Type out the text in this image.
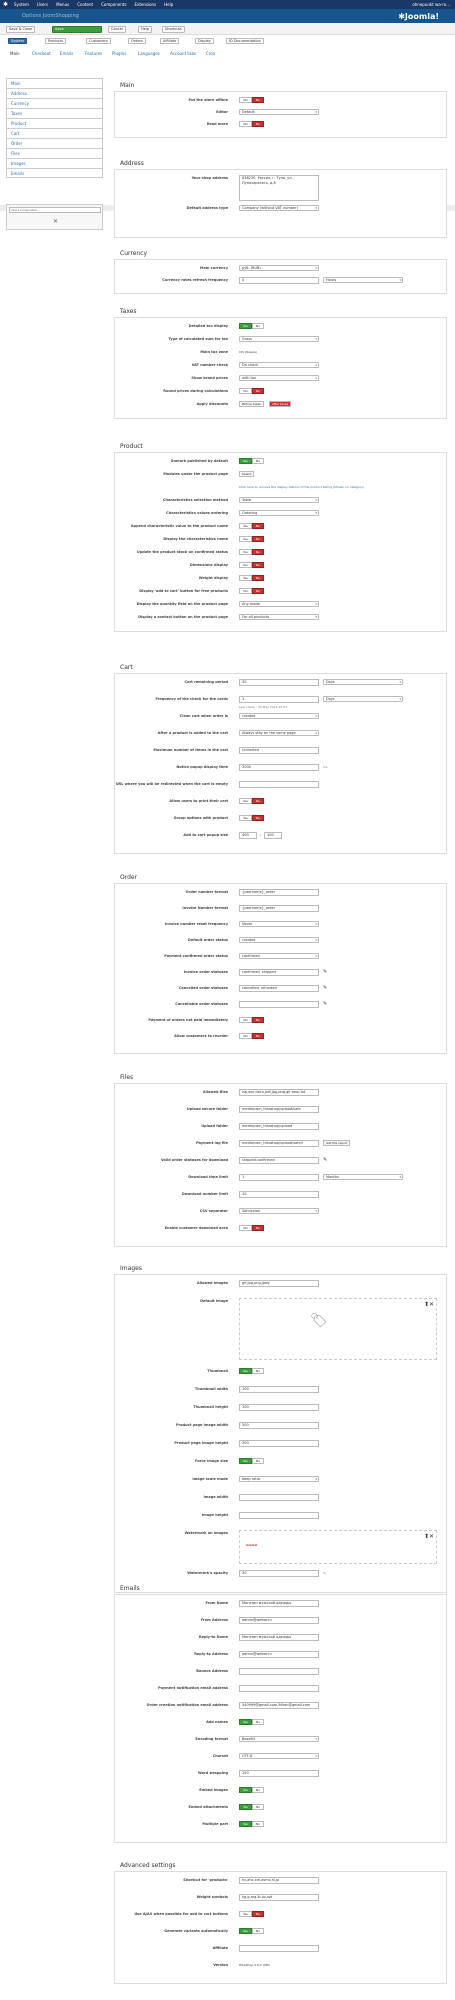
✱	System Users Menus Content Components Extensions Help	ohnepunkt wa-ro...
Options JoomShopping	✱ Joomla!
Save & Close	Save	Cancel	Help	Shortcuts
System	Products	Customers	Orders	Affiliate	Display	ID Documentation
Main	Checkout Emails	Features Plugins	Languages	Account tabs Cron
Main
Address
Currency
Taxes
Product
Cart
Order
Files
Images
Emails
Find a configuration
✕
Main
Put the store offline	Yes	No
Editor	Default ▾
Read more	Yes	No
Address
Your shop address	838230, Россия, г. Тула, ул. Луначарского, д.8
Default address type	Company (without VAT number) ▾
Currency
Main currency	руб. (RUB) ▾
Currency rates refresh frequency	0	Hours ▾
Taxes
Detailed tax display	Yes	No
Type of calculated sum for tax	Gross ▾
Main tax zone	CIS (Russia)
VAT number check	Do check ▾
Show brand prices	with tax ▾
Round prices during calculations	Yes	No
Apply discounts	Before taxes	After taxes
Product
Unmark published by default	Yes	No
Modules under the product page	Select
Click here to remove the display options of the product listing (Shown on category)
Characteristics selection method	Table ▾
Characteristics values ordering	Ordering ▾
Append characteristic value to the product name	Yes	No
Display the characteristics name	Yes	No
Update the product stock on confirmed status	Yes	No
Dimensions display	Yes	No
Weight display	Yes	No
Display 'add to cart' button for free products	Yes	No
Display the quantity field on the product page	Any mode ▾
Display a contact button on the product page	For all products ▾
Cart
Cart remaining period	30	Days ▾
Frequency of the check for the cards	1	Days ▾
Last check - 30 May 2014 15:51
Clean cart when order is	created ▾
After a product is added to the cart	Always stay on the same page ▾
Maximum number of items in the cart	Unlimited
Notice popup display time	3000	ms
URL where you will be redirected when the cart is empty
Allow users to print their cart	Yes	No
Group options with product	Yes	No
Add to cart popup size	400	×	100
Order
Order number format	{username}_order
Invoice Number format	{username}_order
Invoice number reset frequency	Never ▾
Default order status	created ▾
Payment confirmed order status	confirmed ▾
Invoice order statuses	confirmed, shipped	✎
Cancelled order statuses	cancelled, refunded	✎
Cancellable order statuses	✎
Payment of orders not paid immediately	Yes	No
Allow customers to reorder	Yes	No
Files
Allowed files	zip,doc,docx,pdf,jpg,png,gif,bmp,txt
Upload secure folder	media/com_hikashop/upload/safe
Upload folder	media/com_hikashop/upload
Payment log file	media/com_hikashop/upload/safe/l	Get the report
Valid order statuses for download	shipped,confirmed	✎
Download time limit	1	Months ▾
Download number limit	10
CSV separator	Semicolon ▾
Enable customer download area	Yes	No
Images
Allowed images	gif,jpg,png,jpeg
Default image
🏷
⬆✕
Thumbnail	Yes	No
Thumbnail width	100
Thumbnail height	100
Product page image width	300
Product page image height	300
Force image size	Yes	No
Image scale mode	Keep ratio ▾
Image width
Image height
Watermark on images
▬▬▬▬
⬆✕
Watermark's opacity	30	%
Emails
From Name	Магазин мужской одежды
From Address	admin@webar.ru
Reply-to Name	Магазин мужской одежды
Reply-to Address	admin@webar.ru
Bounce Address
Payment notification email address
Order creation notification email address	340999@gmail.com,96ron@gmail.com
Add names	Yes	No
Encoding format	Base64 ▾
Charset	UTF-8 ▾
Word wrapping	150
Embed images	Yes	No
Embed attachments	Yes	No
Multiple part	Yes	No
Advanced settings
Shortcut for 'products'	hc,ahc,xm,asmx,hl,pl
Weight symbols	kg,g,mg,lb,oz,ozt
Use AJAX when possible for add to cart buttons	Yes	No
Generate variants automatically	Yes	No
Affiliate
Version	HikaShop 2.6.2 (VM)
